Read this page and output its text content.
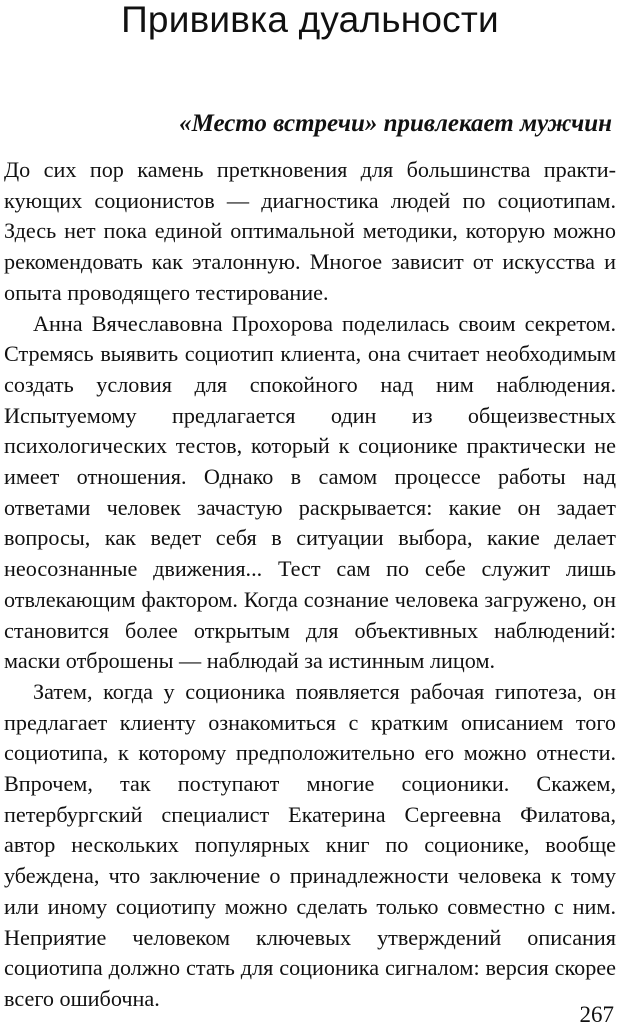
Прививка дуальности
«Место встречи» привлекает мужчин

До сих пор камень преткновения для большинства практикующих соционистов — диагностика людей по социотипам. Здесь нет пока единой оптимальной методики, которую можно рекомендовать как эталонную. Многое зависит от искусства и опыта проводящего тестирование.

Анна Вячеславовна Прохорова поделилась своим секретом. Стремясь выявить социотип клиента, она считает необходимым создать условия для спокойного над ним наблюдения. Испытуемому предлагается один из общеизвестных психологических тестов, который к соционике практически не имеет отношения. Однако в самом процессе работы над ответами человек зачастую раскрывается: какие он задает вопросы, как ведет себя в ситуации выбора, какие делает неосознанные движения... Тест сам по себе служит лишь отвлекающим фактором. Когда сознание человека загружено, он становится более открытым для объективных наблюдений: маски отброшены — наблюдай за истинным лицом.

Затем, когда у соционика появляется рабочая гипотеза, он предлагает клиенту ознакомиться с кратким описанием того социотипа, к которому предположительно его можно отнести. Впрочем, так поступают многие соционики. Скажем, петербургский специалист Екатерина Сергеевна Филатова, автор нескольких популярных книг по соционике, вообще убеждена, что заключение о принадлежности человека к тому или иному социотипу можно сделать только совместно с ним. Неприятие человеком ключевых утверждений описания социотипа должно стать для соционика сигналом: версия скорее всего ошибочна.

267
